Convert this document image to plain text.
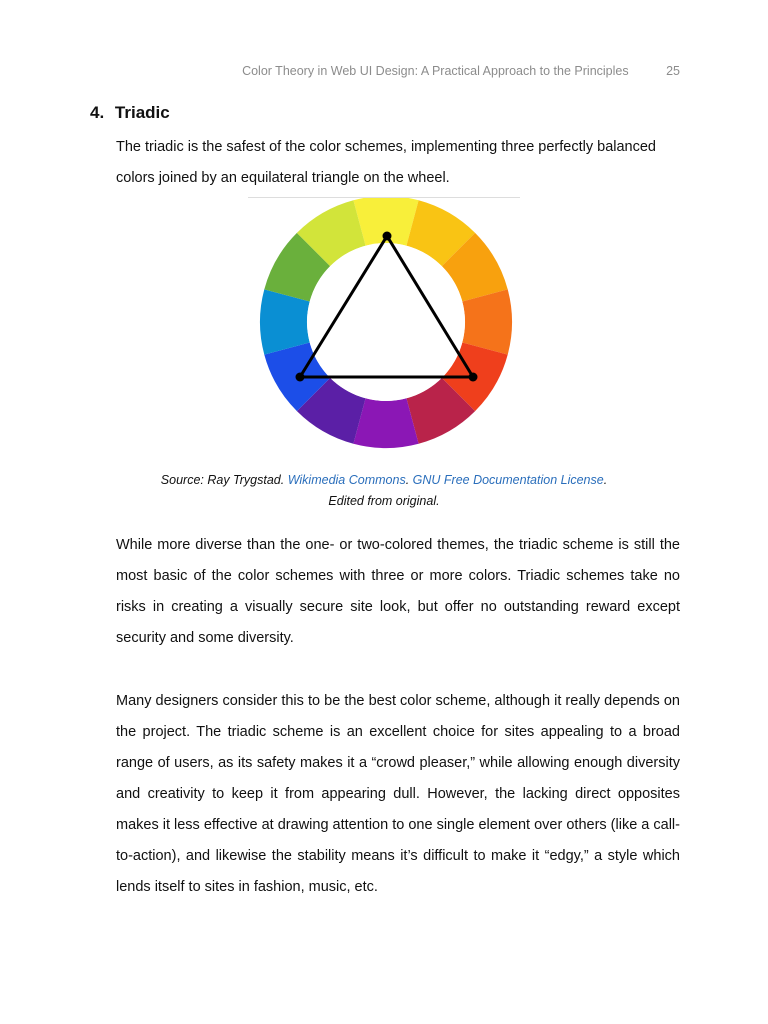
Color Theory in Web UI Design: A Practical Approach to the Principles	25
4. Triadic

The triadic is the safest of the color schemes, implementing three perfectly balanced colors joined by an equilateral triangle on the wheel.

Source: Ray Trygstad. Wikimedia Commons. GNU Free Documentation License.
Edited from original.

While more diverse than the one- or two-colored themes, the triadic scheme is still the most basic of the color schemes with three or more colors. Triadic schemes take no risks in creating a visually secure site look, but offer no outstanding reward except security and some diversity.

Many designers consider this to be the best color scheme, although it really depends on the project. The triadic scheme is an excellent choice for sites appealing to a broad range of users, as its safety makes it a “crowd pleaser,” while allowing enough diversity and creativity to keep it from appearing dull. However, the lacking direct opposites makes it less effective at drawing attention to one single element over others (like a call-to-action), and likewise the stability means it’s difficult to make it “edgy,” a style which lends itself to sites in fashion, music, etc.
